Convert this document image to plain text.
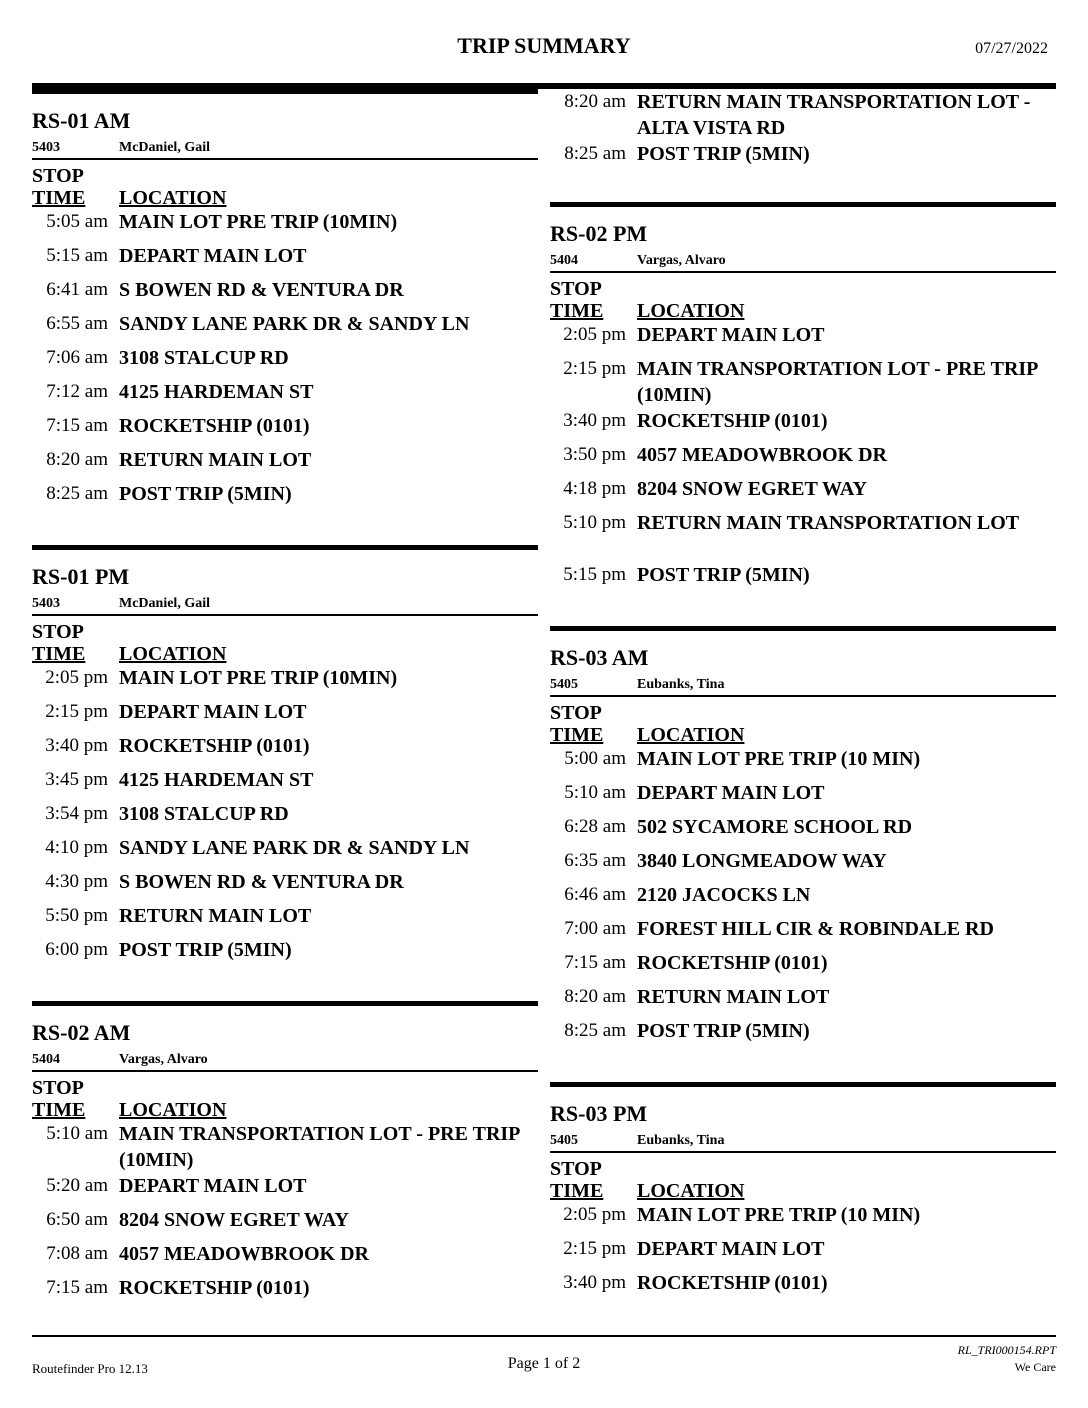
TRIP SUMMARY	07/27/2022
RS-01 AM
5403	McDaniel, Gail
STOP
TIME	LOCATION
5:05 am MAIN LOT PRE TRIP (10MIN)
5:15 am DEPART MAIN LOT
6:41 am S BOWEN RD & VENTURA DR
6:55 am SANDY LANE PARK DR & SANDY LN
7:06 am 3108 STALCUP RD
7:12 am 4125 HARDEMAN ST
7:15 am ROCKETSHIP (0101)
8:20 am RETURN MAIN LOT
8:25 am POST TRIP (5MIN)
RS-01 PM
5403	McDaniel, Gail
STOP
TIME	LOCATION
2:05 pm MAIN LOT PRE TRIP (10MIN)
2:15 pm DEPART MAIN LOT
3:40 pm ROCKETSHIP (0101)
3:45 pm 4125 HARDEMAN ST
3:54 pm 3108 STALCUP RD
4:10 pm SANDY LANE PARK DR & SANDY LN
4:30 pm S BOWEN RD & VENTURA DR
5:50 pm RETURN MAIN LOT
6:00 pm POST TRIP (5MIN)
RS-02 AM
5404	Vargas, Alvaro
STOP
TIME	LOCATION
5:10 am MAIN TRANSPORTATION LOT - PRE TRIP (10MIN)
5:20 am DEPART MAIN LOT
6:50 am 8204 SNOW EGRET WAY
7:08 am 4057 MEADOWBROOK DR
7:15 am ROCKETSHIP (0101)
8:20 am RETURN MAIN TRANSPORTATION LOT - ALTA VISTA RD
8:25 am POST TRIP (5MIN)
RS-02 PM
5404	Vargas, Alvaro
STOP
TIME	LOCATION
2:05 pm DEPART MAIN LOT
2:15 pm MAIN TRANSPORTATION LOT - PRE TRIP (10MIN)
3:40 pm ROCKETSHIP (0101)
3:50 pm 4057 MEADOWBROOK DR
4:18 pm 8204 SNOW EGRET WAY
5:10 pm RETURN MAIN TRANSPORTATION LOT
5:15 pm POST TRIP (5MIN)
RS-03 AM
5405	Eubanks, Tina
STOP
TIME	LOCATION
5:00 am MAIN LOT PRE TRIP (10 MIN)
5:10 am DEPART MAIN LOT
6:28 am 502 SYCAMORE SCHOOL RD
6:35 am 3840 LONGMEADOW WAY
6:46 am 2120 JACOCKS LN
7:00 am FOREST HILL CIR & ROBINDALE RD
7:15 am ROCKETSHIP (0101)
8:20 am RETURN MAIN LOT
8:25 am POST TRIP (5MIN)
RS-03 PM
5405	Eubanks, Tina
STOP
TIME	LOCATION
2:05 pm MAIN LOT PRE TRIP (10 MIN)
2:15 pm DEPART MAIN LOT
3:40 pm ROCKETSHIP (0101)
Routefinder Pro 12.13	Page 1 of 2
RL_TRI000154.RPT
We Care
